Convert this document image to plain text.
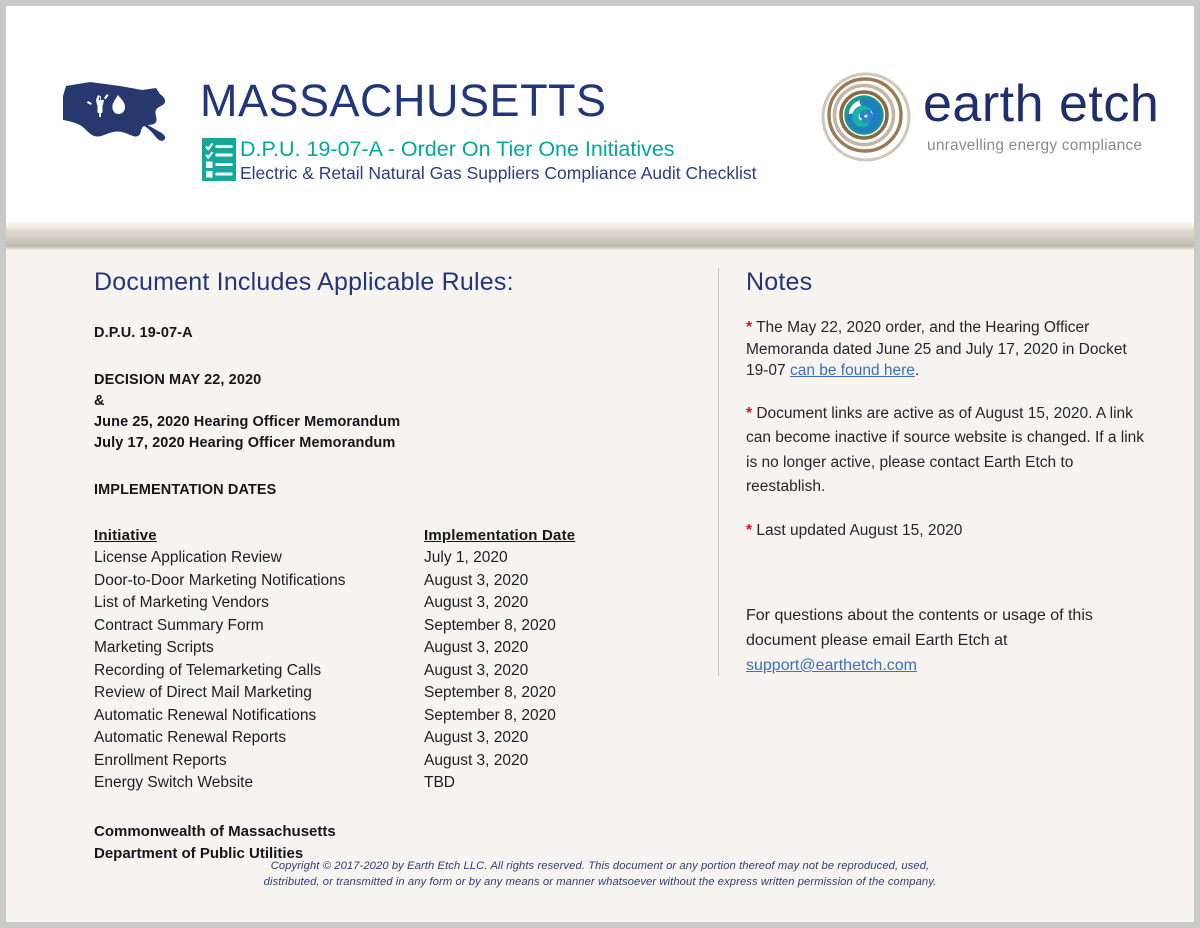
MASSACHUSETTS
D.P.U. 19-07-A - Order On Tier One Initiatives
Electric & Retail Natural Gas Suppliers Compliance Audit Checklist
earth etch
unravelling energy compliance
Document Includes Applicable Rules:
D.P.U. 19-07-A
DECISION MAY 22, 2020
&
June 25, 2020 Hearing Officer Memorandum
July 17, 2020 Hearing Officer Memorandum
IMPLEMENTATION DATES
Initiative	Implementation Date
License Application Review	July 1, 2020
Door-to-Door Marketing Notifications	August 3, 2020
List of Marketing Vendors	August 3, 2020
Contract Summary Form	September 8, 2020
Marketing Scripts	August 3, 2020
Recording of Telemarketing Calls	August 3, 2020
Review of Direct Mail Marketing	September 8, 2020
Automatic Renewal Notifications	September 8, 2020
Automatic Renewal Reports	August 3, 2020
Enrollment Reports	August 3, 2020
Energy Switch Website	TBD
Commonwealth of Massachusetts
Department of Public Utilities
Notes

* The May 22, 2020 order, and the Hearing Officer Memoranda dated June 25 and July 17, 2020 in Docket 19-07 can be found here.

* Document links are active as of August 15, 2020. A link can become inactive if source website is changed. If a link is no longer active, please contact Earth Etch to reestablish.

* Last updated August 15, 2020

For questions about the contents or usage of this document please email Earth Etch at support@earthetch.com

Copyright © 2017-2020 by Earth Etch LLC. All rights reserved. This document or any portion thereof may not be reproduced, used,
distributed, or transmitted in any form or by any means or manner whatsoever without the express written permission of the company.
